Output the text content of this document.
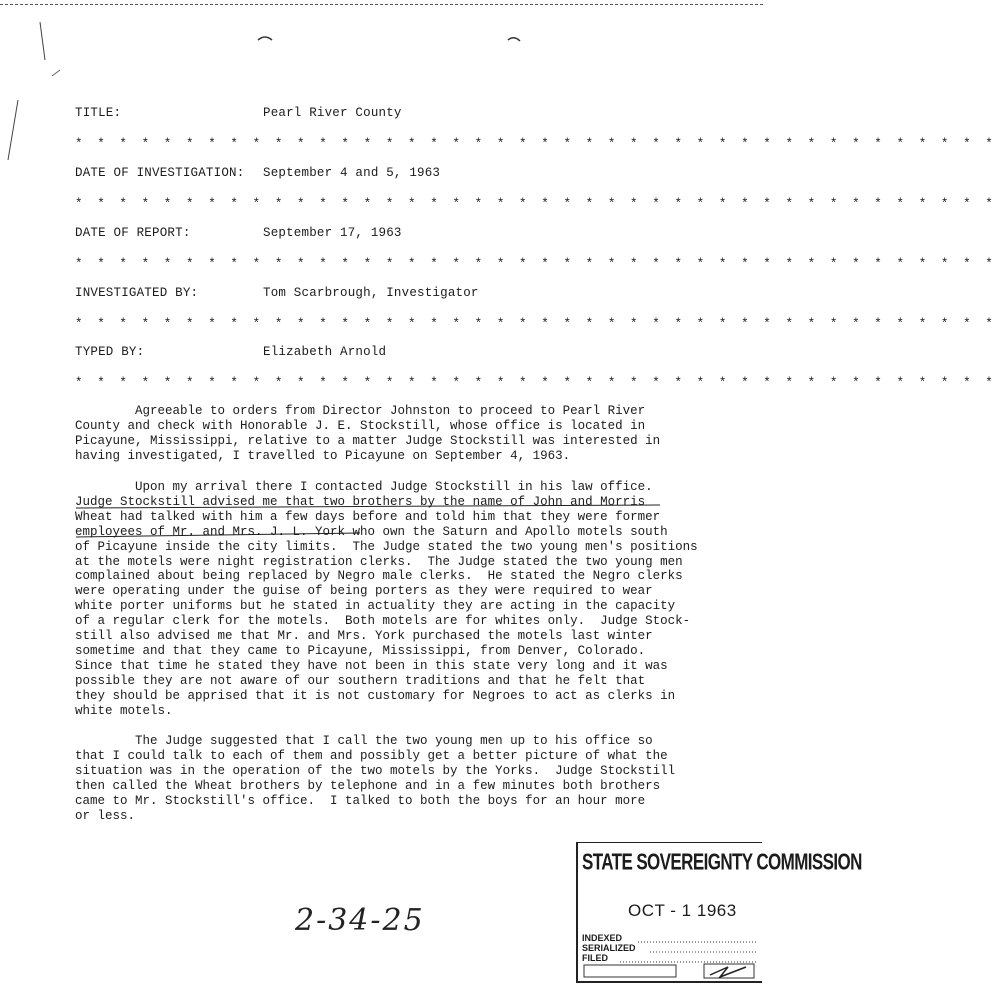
TITLE:	Pearl River County
* * * * * * * * * * * * * * * * * * * * * * * * * * * * * * * * * * * * * * * * * *
DATE OF INVESTIGATION: September 4 and 5, 1963
* * * * * * * * * * * * * * * * * * * * * * * * * * * * * * * * * * * * * * * * * *
DATE OF REPORT:	September 17, 1963
* * * * * * * * * * * * * * * * * * * * * * * * * * * * * * * * * * * * * * * * * *
INVESTIGATED BY:	Tom Scarbrough, Investigator
* * * * * * * * * * * * * * * * * * * * * * * * * * * * * * * * * * * * * * * * * *
TYPED BY:	Elizabeth Arnold
* * * * * * * * * * * * * * * * * * * * * * * * * * * * * * * * * * * * * * * * * *
Agreeable to orders from Director Johnston to proceed to Pearl River
County and check with Honorable J. E. Stockstill, whose office is located in
Picayune, Mississippi, relative to a matter Judge Stockstill was interested in
having investigated, I travelled to Picayune on September 4, 1963.
Upon my arrival there I contacted Judge Stockstill in his law office.
Judge Stockstill advised me that two brothers by the name of John and Morris
Wheat had talked with him a few days before and told him that they were former
employees of Mr. and Mrs. J. L. York who own the Saturn and Apollo motels south
of Picayune inside the city limits.  The Judge stated the two young men's positions
at the motels were night registration clerks.  The Judge stated the two young men
complained about being replaced by Negro male clerks.  He stated the Negro clerks
were operating under the guise of being porters as they were required to wear
white porter uniforms but he stated in actuality they are acting in the capacity
of a regular clerk for the motels.  Both motels are for whites only.  Judge Stock-
still also advised me that Mr. and Mrs. York purchased the motels last winter
sometime and that they came to Picayune, Mississippi, from Denver, Colorado.
Since that time he stated they have not been in this state very long and it was
possible they are not aware of our southern traditions and that he felt that
they should be apprised that it is not customary for Negroes to act as clerks in
white motels.
The Judge suggested that I call the two young men up to his office so
that I could talk to each of them and possibly get a better picture of what the
situation was in the operation of the two motels by the Yorks.  Judge Stockstill
then called the Wheat brothers by telephone and in a few minutes both brothers
came to Mr. Stockstill's office.  I talked to both the boys for an hour more
or less.
2-34-25
STATE SOVEREIGNTY COMMISSION
OCT - 1 1963
INDEXED
SERIALIZED
FILED
